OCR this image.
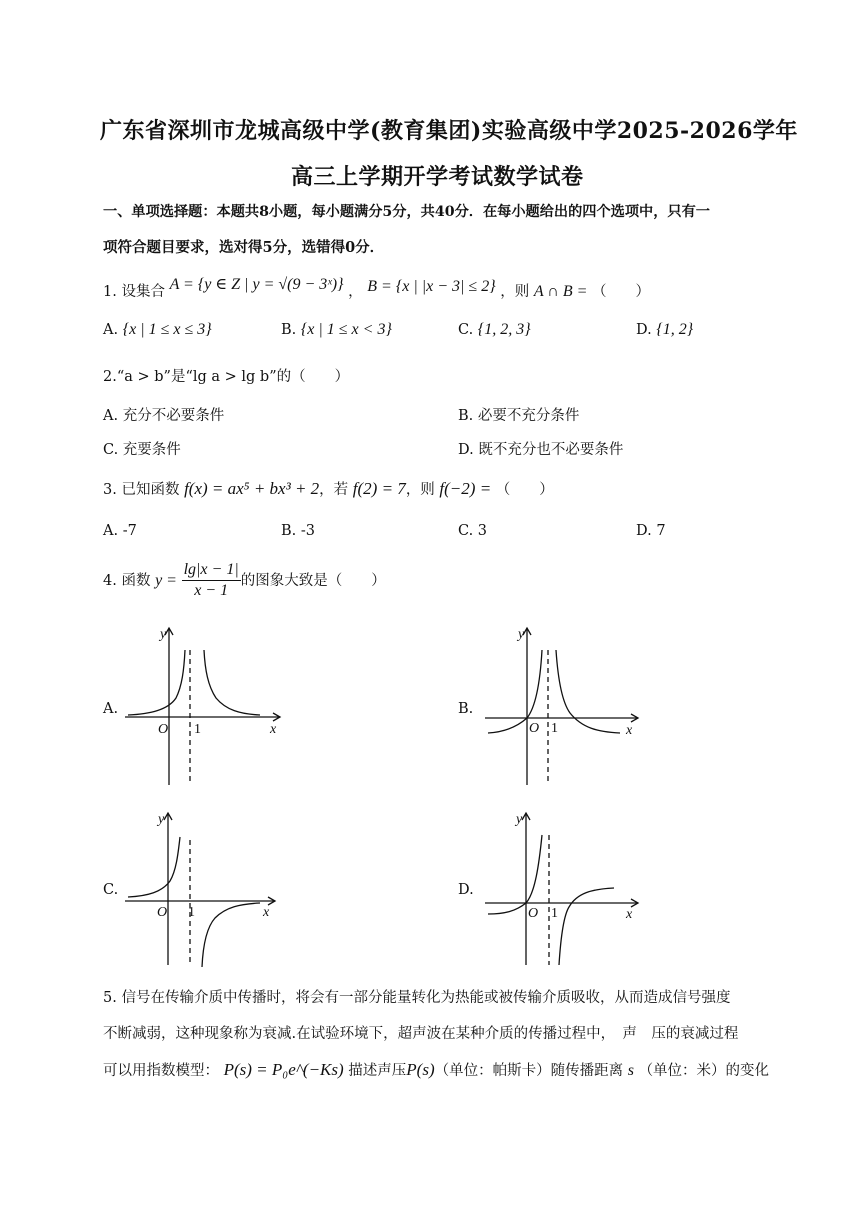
广东省深圳市龙城高级中学(教育集团)实验高级中学2025-2026学年
高三上学期开学考试数学试卷
一、单项选择题：本题共8小题，每小题满分5分，共40分．在每小题给出的四个选项中，只有一
项符合题目要求，选对得5分，选错得0分．
1. 设集合 A = {y ∈ Z | y = √(9 − 3ˣ)} ， B = {x | |x − 3| ≤ 2} ，则 A ∩ B = （　　）
A. {x | 1 ≤ x ≤ 3}	B. {x | 1 ≤ x < 3}	C. {1, 2, 3}	D. {1, 2}
2.“a > b”是“lg a > lg b”的（　　）
A. 充分不必要条件	B. 必要不充分条件
C. 充要条件	D. 既不充分也不必要条件
3. 已知函数 f(x) = ax⁵ + bx³ + 2，若 f(2) = 7，则 f(−2) = （　　）
A. -7	B. -3	C. 3	D. 7
4.
函数
y =
$\frac{\lg|x - 1|}{x - 1}$ 的图象大致是（　　）
A.	B.
C.	D.
y
x
O 1
y
x
O 1
y
x
O 1
y
x
O 1
5. 信号在传输介质中传播时，将会有一部分能量转化为热能或被传输介质吸收，从而造成信号强度
不断减弱，这种现象称为衰减.在试验环境下，超声波在某种介质的传播过程中，　声　压的衰减过程
可以用指数模型： P(s) = P₀e^(−Ks) 描述声压P(s)（单位：帕斯卡）随传播距离 s （单位：米）的变化
